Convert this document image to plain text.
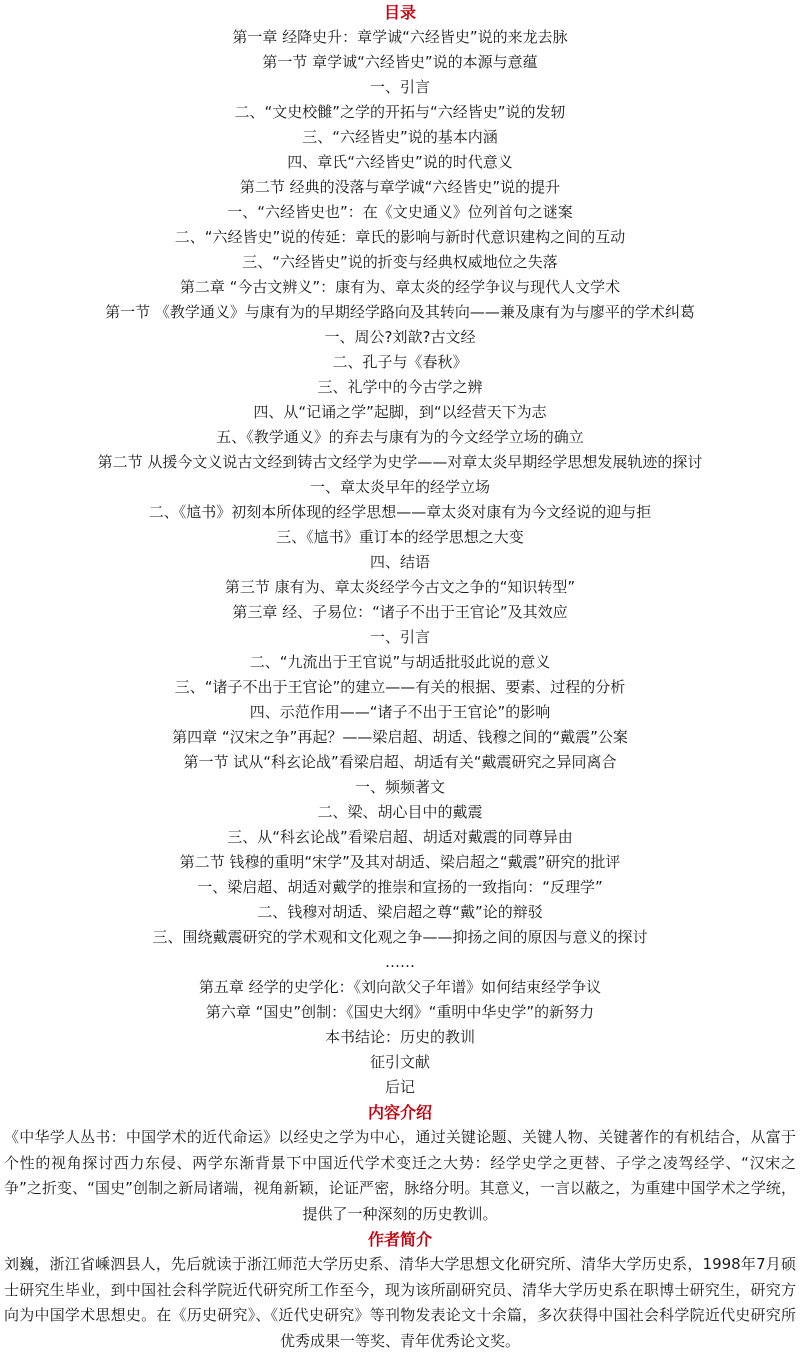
目录
第一章 经降史升：章学诚“六经皆史”说的来龙去脉
第一节 章学诚“六经皆史”说的本源与意蕴
一、引言
二、“文史校雠”之学的开拓与“六经皆史”说的发轫
三、“六经皆史”说的基本内涵
四、章氏“六经皆史”说的时代意义
第二节 经典的没落与章学诚“六经皆史”说的提升
一、“六经皆史也”：在《文史通义》位列首句之谜案
二、“六经皆史”说的传延：章氏的影响与新时代意识建构之间的互动
三、“六经皆史”说的折变与经典权威地位之失落
第二章 “今古文辨义”：康有为、章太炎的经学争议与现代人文学术
第一节 《教学通义》与康有为的早期经学路向及其转向——兼及康有为与廖平的学术纠葛
一、周公?刘歆?古文经
二、孔子与《春秋》
三、礼学中的今古学之辨
四、从“记诵之学”起脚，到“以经营天下为志
五、《教学通义》的弃去与康有为的今文经学立场的确立
第二节 从援今文义说古文经到铸古文经学为史学——对章太炎早期经学思想发展轨迹的探讨
一、章太炎早年的经学立场
二、《訄书》初刻本所体现的经学思想——章太炎对康有为今文经说的迎与拒
三、《訄书》重订本的经学思想之大变
四、结语
第三节 康有为、章太炎经学今古文之争的“知识转型”
第三章 经、子易位：“诸子不出于王官论”及其效应
一、引言
二、“九流出于王官说”与胡适批驳此说的意义
三、“诸子不出于王官论”的建立——有关的根据、要素、过程的分析
四、示范作用——“诸子不出于王官论”的影响
第四章 “汉宋之争”再起？——梁启超、胡适、钱穆之间的“戴震”公案
第一节 试从“科玄论战”看梁启超、胡适有关“戴震研究之异同离合
一、频频著文
二、梁、胡心目中的戴震
三、从“科玄论战”看梁启超、胡适对戴震的同尊异由
第二节 钱穆的重明“宋学”及其对胡适、梁启超之“戴震”研究的批评
一、梁启超、胡适对戴学的推崇和宣扬的一致指向：“反理学”
二、钱穆对胡适、梁启超之尊“戴”论的辩驳
三、围绕戴震研究的学术观和文化观之争——抑扬之间的原因与意义的探讨
……
第五章 经学的史学化：《刘向歆父子年谱》如何结束经学争议
第六章 “国史”创制：《国史大纲》“重明中华史学”的新努力
本书结论：历史的教训
征引文献
后记
内容介绍

《中华学人丛书：中国学术的近代命运》以经史之学为中心，通过关键论题、关键人物、关键著作的有机结合，从富于个性的视角探讨西力东侵、两学东渐背景下中国近代学术变迁之大势：经学史学之更替、子学之凌驾经学、“汉宋之争”之折变、“国史”创制之新局诸端，视角新颖，论证严密，脉络分明。其意义，一言以蔽之，为重建中国学术之学统，提供了一种深刻的历史教训。

作者简介

刘巍，浙江省嵊泗县人，先后就读于浙江师范大学历史系、清华大学思想文化研究所、清华大学历史系，1998年7月硕士研究生毕业，到中国社会科学院近代研究所工作至今，现为该所副研究员、清华大学历史系在职博士研究生，研究方向为中国学术思想史。在《历史研究》、《近代史研究》等刊物发表论文十余篇，多次获得中国社会科学院近代史研究所优秀成果一等奖、青年优秀论文奖。
